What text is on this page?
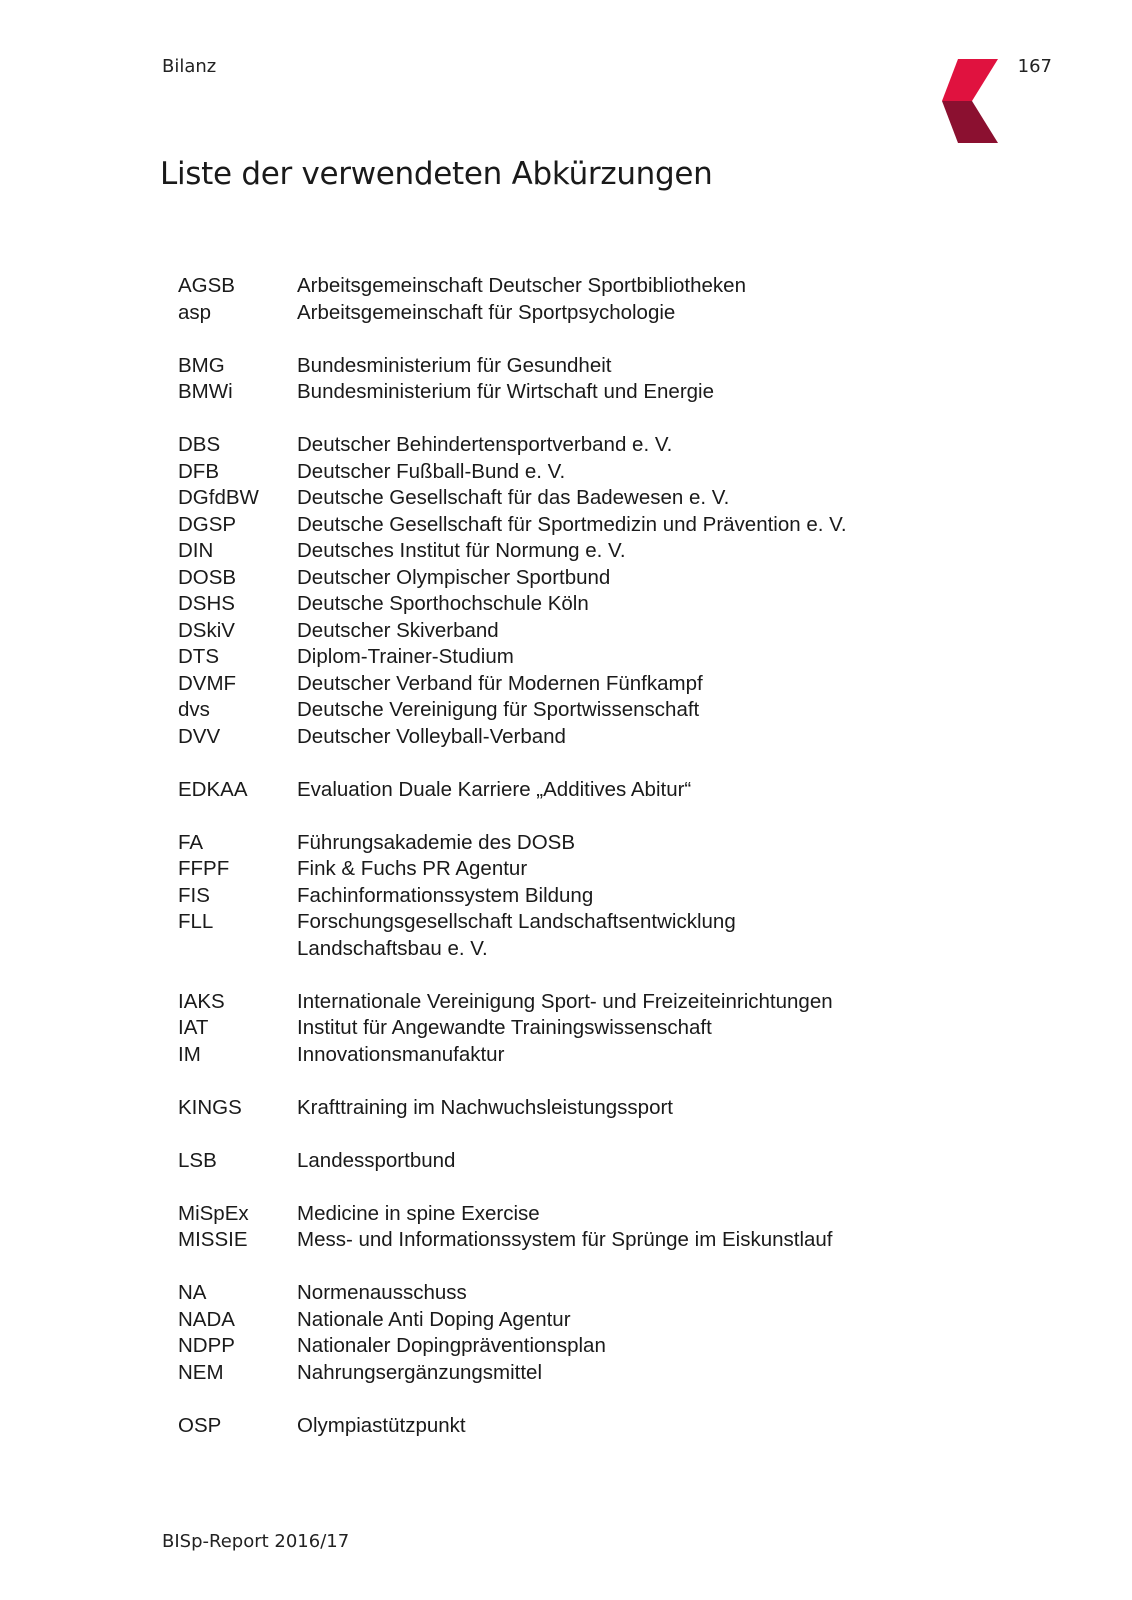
Bilanz	167
Liste der verwendeten Abkürzungen
AGSB	Arbeitsgemeinschaft Deutscher Sportbibliotheken
asp	Arbeitsgemeinschaft für Sportpsychologie
BMG	Bundesministerium für Gesundheit
BMWi	Bundesministerium für Wirtschaft und Energie
DBS	Deutscher Behindertensportverband e. V.
DFB	Deutscher Fußball-Bund e. V.
DGfdBW	Deutsche Gesellschaft für das Badewesen e. V.
DGSP	Deutsche Gesellschaft für Sportmedizin und Prävention e. V.
DIN	Deutsches Institut für Normung e. V.
DOSB	Deutscher Olympischer Sportbund
DSHS	Deutsche Sporthochschule Köln
DSkiV	Deutscher Skiverband
DTS	Diplom-Trainer-Studium
DVMF	Deutscher Verband für Modernen Fünfkampf
dvs	Deutsche Vereinigung für Sportwissenschaft
DVV	Deutscher Volleyball-Verband
EDKAA	Evaluation Duale Karriere „Additives Abitur“
FA	Führungsakademie des DOSB
FFPF	Fink & Fuchs PR Agentur
FIS	Fachinformationssystem Bildung
FLL	Forschungsgesellschaft Landschaftsentwicklung
Landschaftsbau e. V.
IAKS	Internationale Vereinigung Sport- und Freizeiteinrichtungen
IAT	Institut für Angewandte Trainingswissenschaft
IM	Innovationsmanufaktur
KINGS	Krafttraining im Nachwuchsleistungssport
LSB	Landessportbund
MiSpEx	Medicine in spine Exercise
MISSIE	Mess- und Informationssystem für Sprünge im Eiskunstlauf
NA	Normenausschuss
NADA	Nationale Anti Doping Agentur
NDPP	Nationaler Dopingpräventionsplan
NEM	Nahrungsergänzungsmittel
OSP	Olympiastützpunkt
BISp-Report 2016/17
